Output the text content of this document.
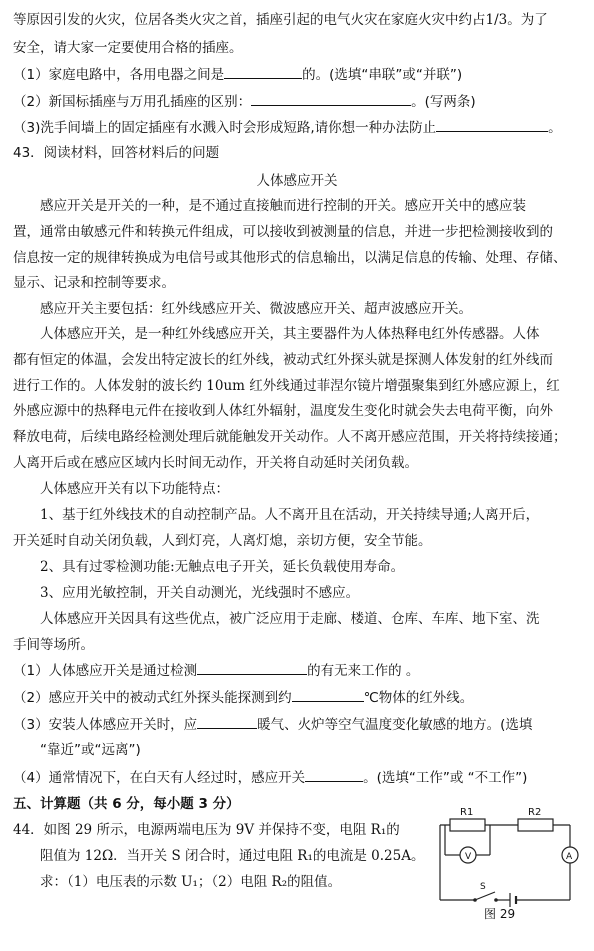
等原因引发的火灾，位居各类火灾之首，插座引起的电气火灾在家庭火灾中约占1/3。为了
安全，请大家一定要使用合格的插座。
（1）家庭电路中，各用电器之间是	的。(选填“串联”或“并联”)
（2）新国标插座与万用孔插座的区别：	。(写两条)
（3)洗手间墙上的固定插座有水溅入时会形成短路,请你想一种办法防止	。
43．阅读材料，回答材料后的问题
人体感应开关
感应开关是开关的一种，是不通过直接触而进行控制的开关。感应开关中的感应装
置，通常由敏感元件和转换元件组成，可以接收到被测量的信息，并进一步把检测接收到的
信息按一定的规律转换成为电信号或其他形式的信息输出，以满足信息的传输、处理、存储、
显示、记录和控制等要求。
感应开关主要包括：红外线感应开关、微波感应开关、超声波感应开关。
人体感应开关，是一种红外线感应开关，其主要器件为人体热释电红外传感器。人体
都有恒定的体温，会发出特定波长的红外线，被动式红外探头就是探测人体发射的红外线而
进行工作的。人体发射的波长约 10um 红外线通过菲涅尔镜片增强聚集到红外感应源上，红
外感应源中的热释电元件在接收到人体红外辐射，温度发生变化时就会失去电荷平衡，向外
释放电荷，后续电路经检测处理后就能触发开关动作。人不离开感应范围，开关将持续接通；
人离开后或在感应区域内长时间无动作，开关将自动延时关闭负载。
人体感应开关有以下功能特点：
1、基于红外线技术的自动控制产品。人不离开且在活动，开关持续导通;人离开后，
开关延时自动关闭负载，人到灯亮，人离灯熄，亲切方便，安全节能。
2、具有过零检测功能:无触点电子开关，延长负载使用寿命。
3、应用光敏控制，开关自动测光，光线强时不感应。
人体感应开关因具有这些优点，被广泛应用于走廊、楼道、仓库、车库、地下室、洗
手间等场所。
（1）人体感应开关是通过检测	的有无来工作的 。
（2）感应开关中的被动式红外探头能探测到约	℃物体的红外线。
（3）安装人体感应开关时，应	暖气、火炉等空气温度变化敏感的地方。(选填
“靠近”或“远离”)
（4）通常情况下，在白天有人经过时，感应开关	。(选填“工作”或 “不工作”)
五、计算题（共 6 分，每小题 3 分）
44．如图 29 所示，电源两端电压为 9V 并保持不变，电阻 R₁的
阻值为 12Ω．当开关 S 闭合时，通过电阻 R₁的电流是 0.25A。
求：（1）电压表的示数 U₁；（2）电阻 R₂的阻值。
R1	R2
V	A
S
图 29
